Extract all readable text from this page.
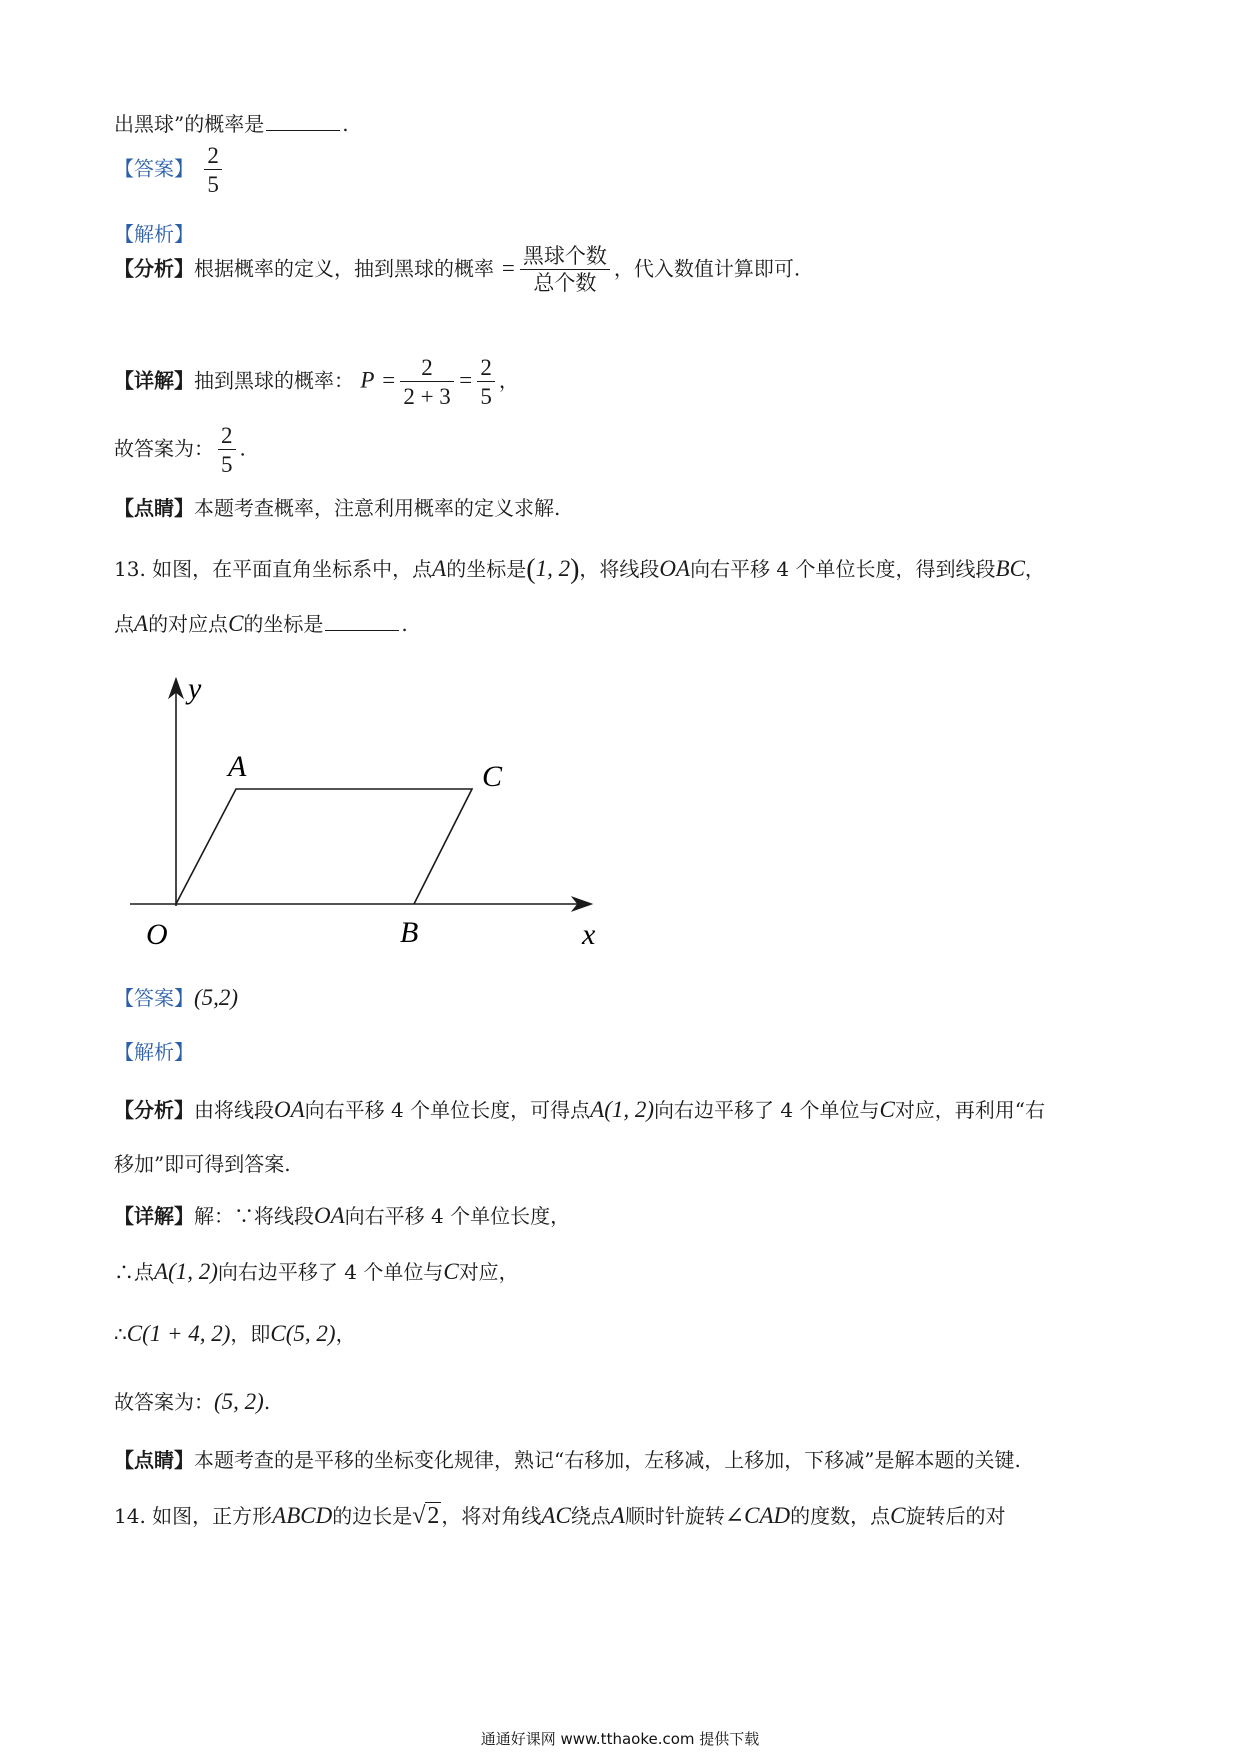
出黑球”的概率是	.
【答案】 $\frac{2}{5}$
【解析】
【分析】根据概率的定义，抽到黑球的概率 = $\frac{\text{黑球个数}}{\text{总个数}}$ ，代入数值计算即可.
【详解】抽到黑球的概率： $P = \frac{2}{2 + 3} = \frac{2}{5}$ ，
故答案为： $\frac{2}{5}$ .
【点睛】本题考查概率，注意利用概率的定义求解.
13. 如图，在平面直角坐标系中，点A的坐标是(1, 2)，将线段OA向右平移 4 个单位长度，得到线段BC，
点A的对应点C的坐标是	.
y
x
O
A
B
C
【答案】(5,2)
【解析】
【分析】由将线段OA向右平移 4 个单位长度，可得点A(1, 2)向右边平移了 4 个单位与C对应，再利用“右
移加”即可得到答案.
【详解】解：∵将线段OA向右平移 4 个单位长度，
∴点A(1, 2)向右边平移了 4 个单位与C对应，
∴C(1 + 4, 2)，即C(5, 2)，
故答案为：(5, 2).
【点睛】本题考查的是平移的坐标变化规律，熟记“右移加，左移减，上移加，下移减”是解本题的关键.
14. 如图，正方形ABCD的边长是√2 ，将对角线AC绕点A顺时针旋转∠CAD的度数，点C旋转后的对
通通好课网 www.tthaoke.com 提供下载
